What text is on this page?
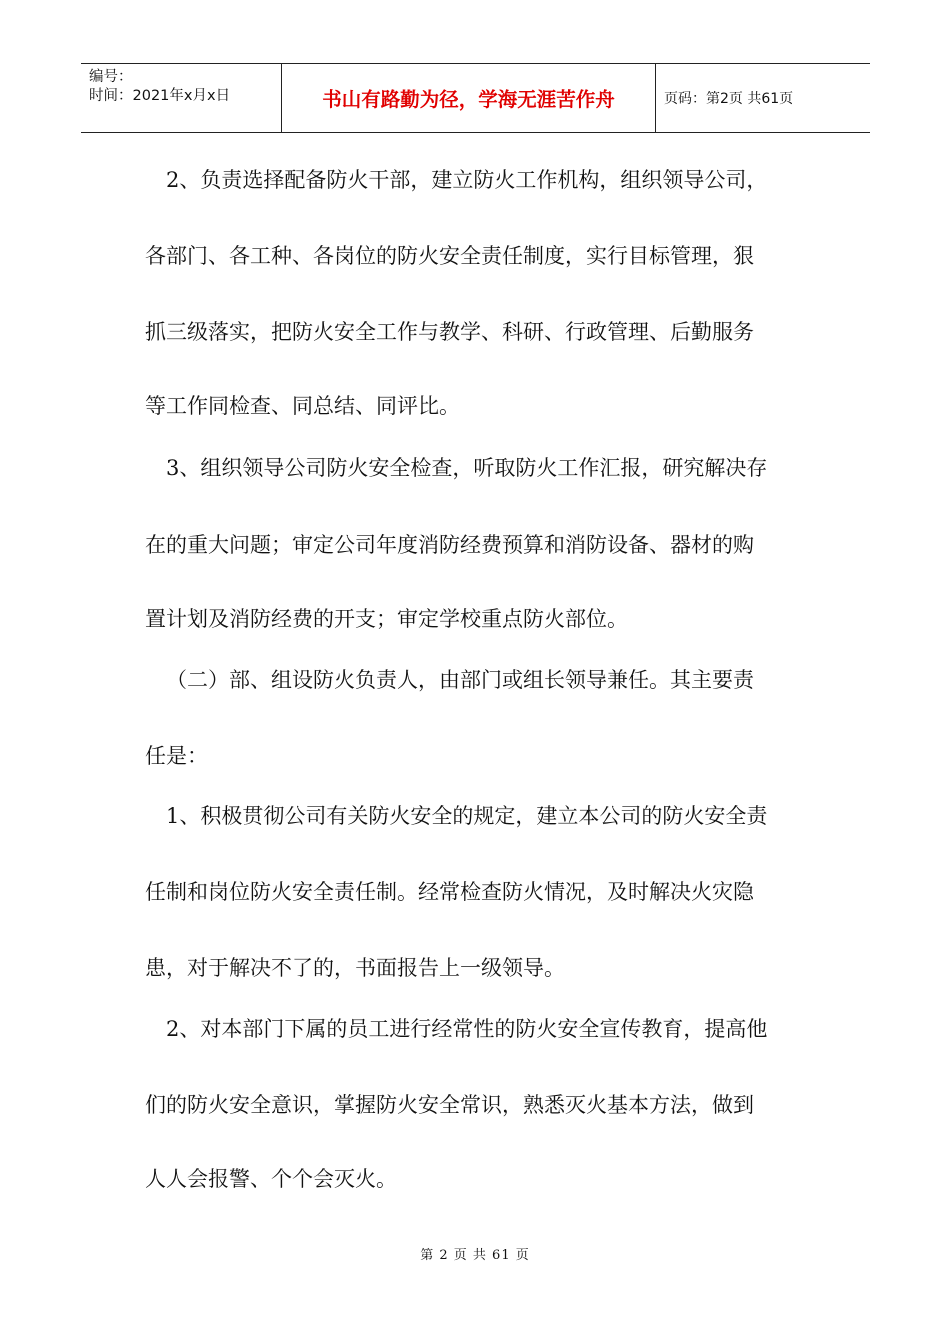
编号：
时间：2021年x月x日	书山有路勤为径，学海无涯苦作舟	页码：第2页 共61页
2、负责选择配备防火干部，建立防火工作机构，组织领导公司，
各部门、各工种、各岗位的防火安全责任制度，实行目标管理，狠
抓三级落实，把防火安全工作与教学、科研、行政管理、后勤服务
等工作同检查、同总结、同评比。
3、组织领导公司防火安全检查，听取防火工作汇报，研究解决存
在的重大问题；审定公司年度消防经费预算和消防设备、器材的购
置计划及消防经费的开支；审定学校重点防火部位。
（二）部、组设防火负责人，由部门或组长领导兼任。其主要责
任是：
1、积极贯彻公司有关防火安全的规定，建立本公司的防火安全责
任制和岗位防火安全责任制。经常检查防火情况，及时解决火灾隐
患，对于解决不了的，书面报告上一级领导。
2、对本部门下属的员工进行经常性的防火安全宣传教育，提高他
们的防火安全意识，掌握防火安全常识，熟悉灭火基本方法，做到
人人会报警、个个会灭火。
第 2 页 共 61 页
